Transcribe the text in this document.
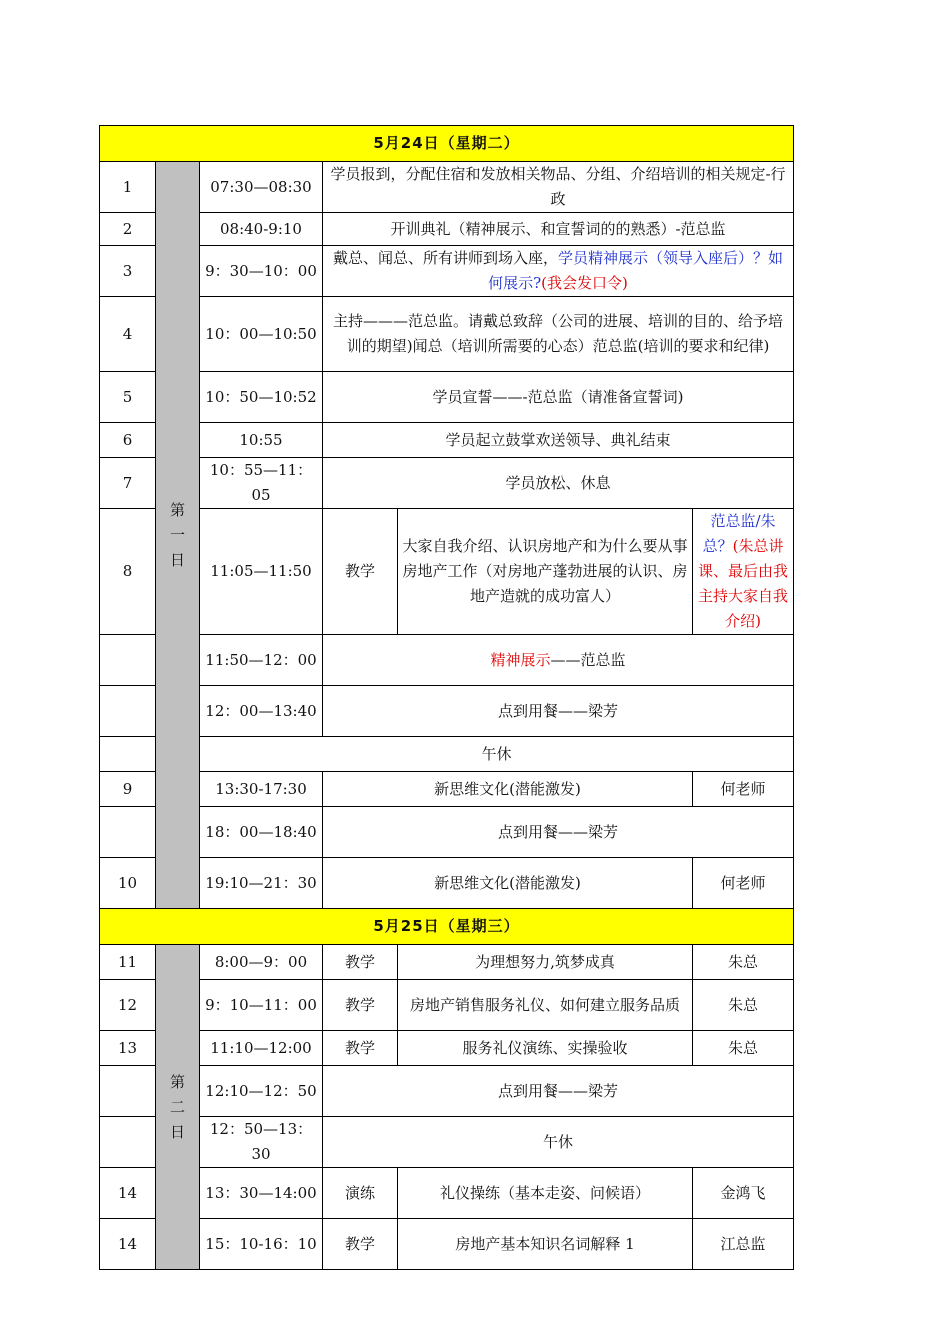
5月24日（星期二）					
1	第一日	07:30—08:30	学员报到，分配住宿和发放相关物品、分组、介绍培训的相关规定-行政		
2		08:40-9:10	开训典礼（精神展示、和宣誓词的的熟悉）-范总监		
3		9：30—10：00	戴总、闻总、所有讲师到场入座，学员精神展示（领导入座后）？如何展示?(我会发口令)		
4		10：00—10:50	主持———范总监。请戴总致辞（公司的进展、培训的目的、给予培训的期望)闻总（培训所需要的心态）范总监(培训的要求和纪律)		
5		10：50—10:52	学员宣誓——-范总监（请准备宣誓词)		
6		10:55	学员起立鼓掌欢送领导、典礼结束		
7		10：55—11：05	学员放松、休息		
8		11:05—11:50	教学	大家自我介绍、认识房地产和为什么要从事房地产工作（对房地产蓬勃进展的认识、房地产造就的成功富人）	范总监/朱总？(朱总讲课、最后由我主持大家自我介绍)
		11:50—12：00	精神展示——范总监		
		12：00—13:40	点到用餐——梁芳		
		午休			
9		13:30-17:30	新思维文化(潜能激发)		何老师
		18：00—18:40	点到用餐——梁芳		
10		19:10—21：30	新思维文化(潜能激发)		何老师
5月25日（星期三）					
11	第二日	8:00—9：00	教学	为理想努力,筑梦成真	朱总
12		9：10—11：00	教学	房地产销售服务礼仪、如何建立服务品质	朱总
13		11:10—12:00	教学	服务礼仪演练、实操验收	朱总
		12:10—12：50	点到用餐——梁芳		
		12：50—13：30	午休		
14		13：30—14:00	演练	礼仪操练（基本走姿、问候语）	金鸿飞
14		15：10-16：10	教学	房地产基本知识名词解释 1	江总监
